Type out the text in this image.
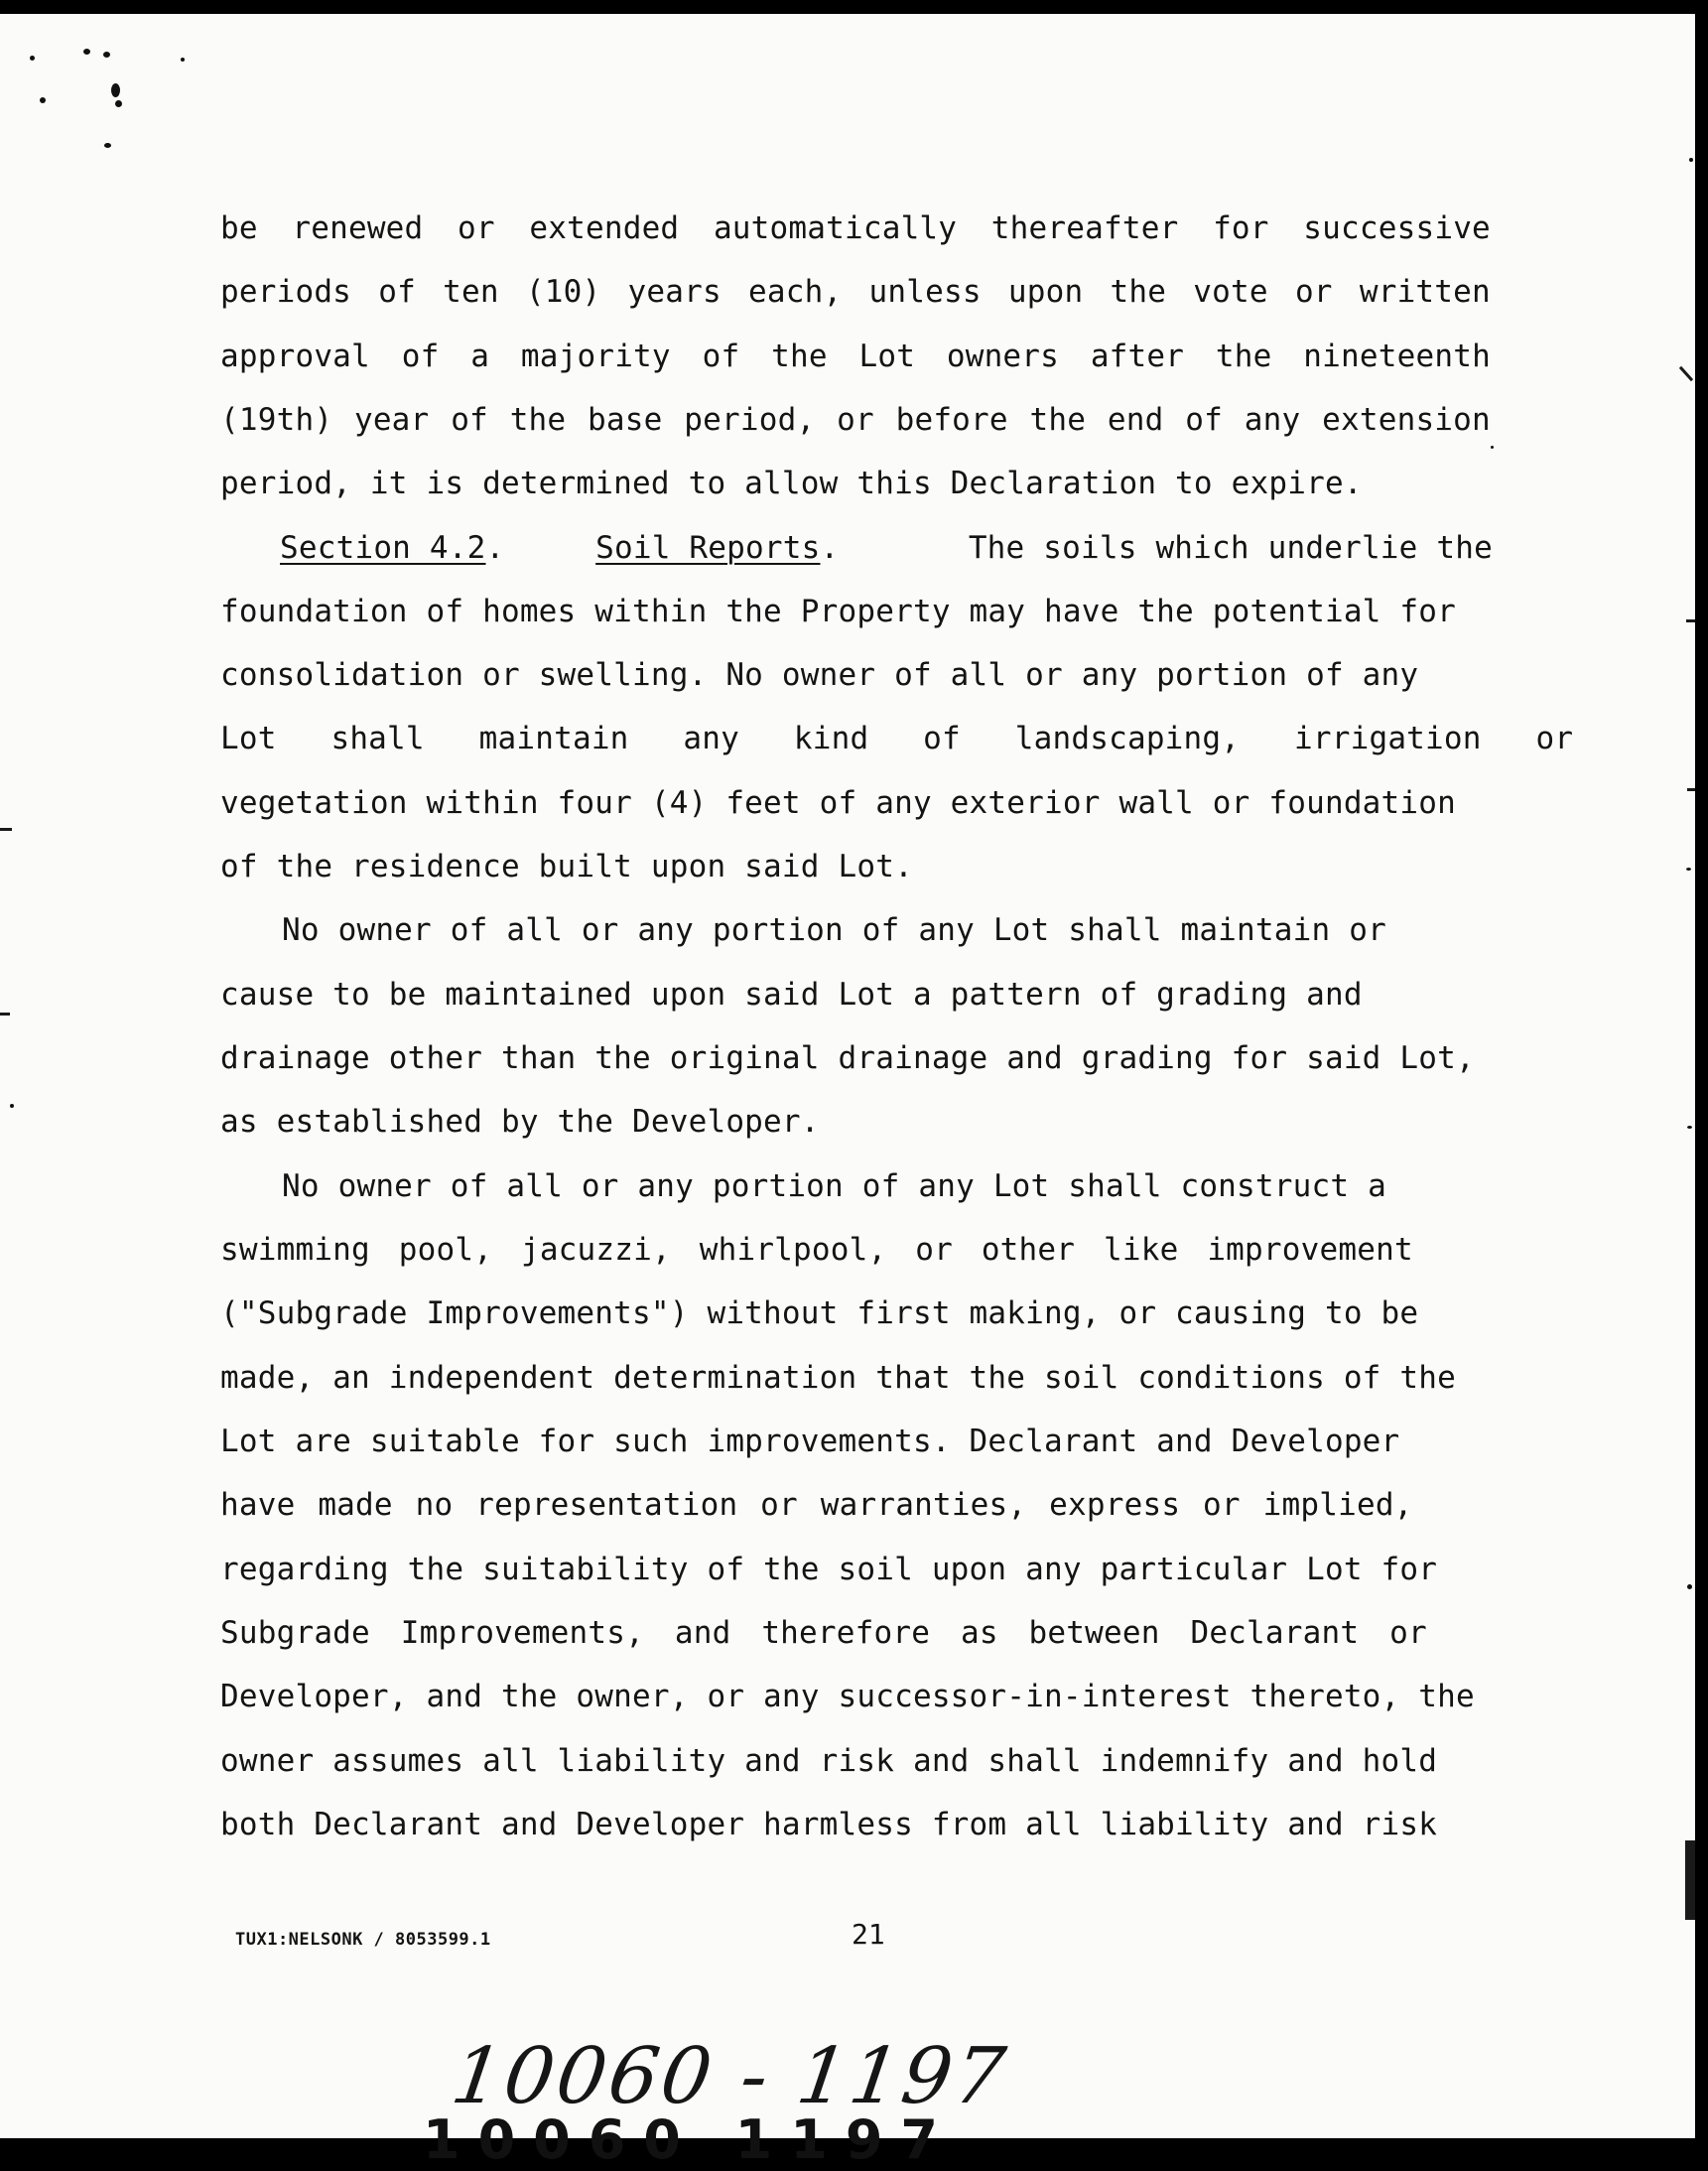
be renewed or extended automatically thereafter for successive
periods of ten (10) years each, unless upon the vote or written
approval of a majority of the Lot owners after the nineteenth
(19th) year of the base period, or before the end of any extension
period, it is determined to allow this Declaration to expire.
Section 4.2.  Soil Reports.	The soils which underlie the
foundation of homes within the Property may have the potential for
consolidation or swelling. No owner of all or any portion of any
Lot shall maintain any kind of landscaping, irrigation or
vegetation within four (4) feet of any exterior wall or foundation
of the residence built upon said Lot.
No owner of all or any portion of any Lot shall maintain or
cause to be maintained upon said Lot a pattern of grading and
drainage other than the original drainage and grading for said Lot,
as established by the Developer.
No owner of all or any portion of any Lot shall construct a
swimming pool, jacuzzi, whirlpool, or other like improvement
("Subgrade Improvements") without first making, or causing to be
made, an independent determination that the soil conditions of the
Lot are suitable for such improvements. Declarant and Developer
have made no representation or warranties, express or implied,
regarding the suitability of the soil upon any particular Lot for
Subgrade Improvements, and therefore as between Declarant or
Developer, and the owner, or any successor-in-interest thereto, the
owner assumes all liability and risk and shall indemnify and hold
both Declarant and Developer harmless from all liability and risk
TUX1:NELSONK / 8053599.1	21
10060 - 1197
10060 1197
